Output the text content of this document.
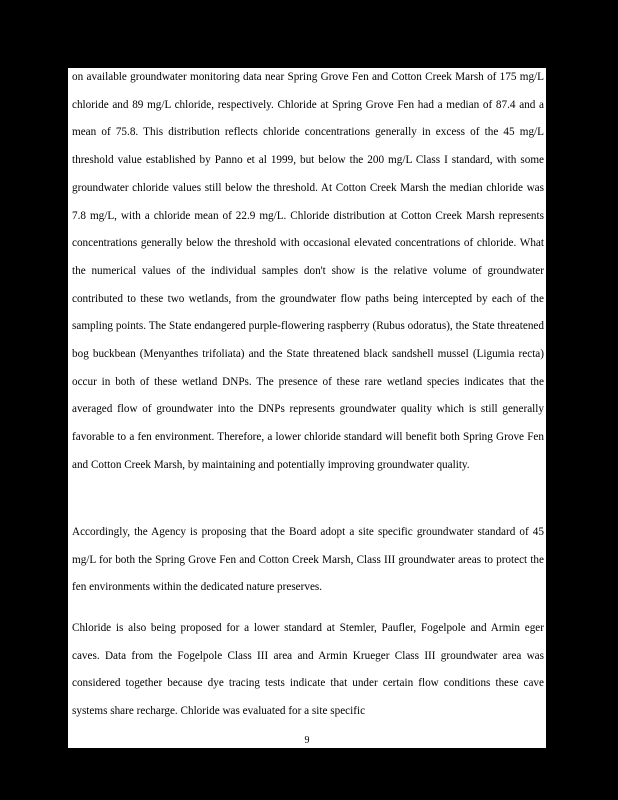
on available groundwater monitoring data near Spring Grove Fen and Cotton Creek Marsh of 175 mg/L chloride and 89 mg/L chloride, respectively. Chloride at Spring Grove Fen had a median of 87.4 and a mean of 75.8. This distribution reflects chloride concentrations generally in excess of the 45 mg/L threshold value established by Panno et al 1999, but below the 200 mg/L Class I standard, with some groundwater chloride values still below the threshold. At Cotton Creek Marsh the median chloride was 7.8 mg/L, with a chloride mean of 22.9 mg/L. Chloride distribution at Cotton Creek Marsh represents concentrations generally below the threshold with occasional elevated concentrations of chloride. What the numerical values of the individual samples don't show is the relative volume of groundwater contributed to these two wetlands, from the groundwater flow paths being intercepted by each of the sampling points. The State endangered purple-flowering raspberry (Rubus odoratus), the State threatened bog buckbean (Menyanthes trifoliata) and the State threatened black sandshell mussel (Ligumia recta) occur in both of these wetland DNPs. The presence of these rare wetland species indicates that the averaged flow of groundwater into the DNPs represents groundwater quality which is still generally favorable to a fen environment. Therefore, a lower chloride standard will benefit both Spring Grove Fen and Cotton Creek Marsh, by maintaining and potentially improving groundwater quality.

Accordingly, the Agency is proposing that the Board adopt a site specific groundwater standard of 45 mg/L for both the Spring Grove Fen and Cotton Creek Marsh, Class III groundwater areas to protect the fen environments within the dedicated nature preserves.

Chloride is also being proposed for a lower standard at Stemler, Paufler, Fogelpole and Armin eger caves. Data from the Fogelpole Class III area and Armin Krueger Class III groundwater area was considered together because dye tracing tests indicate that under certain flow conditions these cave systems share recharge. Chloride was evaluated for a site specific

9
